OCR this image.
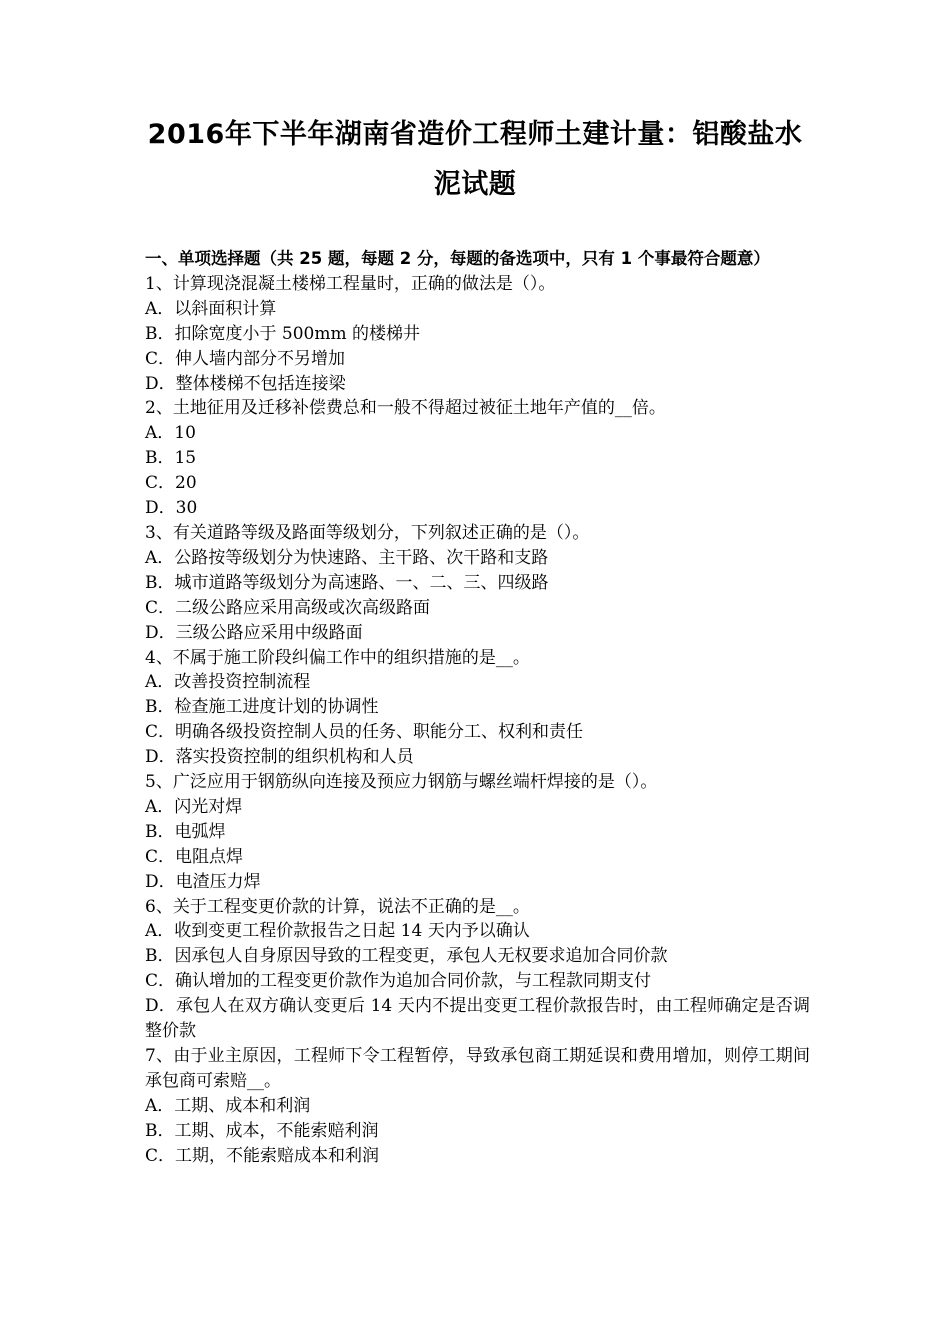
2016年下半年湖南省造价工程师土建计量：铝酸盐水泥试题
一、单项选择题（共 25 题，每题 2 分，每题的备选项中，只有 1 个事最符合题意）
1、计算现浇混凝土楼梯工程量时，正确的做法是（）。
A．以斜面积计算
B．扣除宽度小于 500mm 的楼梯井
C．伸人墙内部分不另增加
D．整体楼梯不包括连接梁
2、土地征用及迁移补偿费总和一般不得超过被征土地年产值的__倍。
A．10
B．15
C．20
D．30
3、有关道路等级及路面等级划分，下列叙述正确的是（）。
A．公路按等级划分为快速路、主干路、次干路和支路
B．城市道路等级划分为高速路、一、二、三、四级路
C．二级公路应采用高级或次高级路面
D．三级公路应采用中级路面
4、不属于施工阶段纠偏工作中的组织措施的是__。
A．改善投资控制流程
B．检查施工进度计划的协调性
C．明确各级投资控制人员的任务、职能分工、权利和责任
D．落实投资控制的组织机构和人员
5、广泛应用于钢筋纵向连接及预应力钢筋与螺丝端杆焊接的是（）。
A．闪光对焊
B．电弧焊
C．电阻点焊
D．电渣压力焊
6、关于工程变更价款的计算，说法不正确的是__。
A．收到变更工程价款报告之日起 14 天内予以确认
B．因承包人自身原因导致的工程变更，承包人无权要求追加合同价款
C．确认增加的工程变更价款作为追加合同价款，与工程款同期支付
D．承包人在双方确认变更后 14 天内不提出变更工程价款报告时，由工程师确定是否调整价款
7、由于业主原因，工程师下令工程暂停，导致承包商工期延误和费用增加，则停工期间承包商可索赔__。
A．工期、成本和利润
B．工期、成本，不能索赔利润
C．工期，不能索赔成本和利润
